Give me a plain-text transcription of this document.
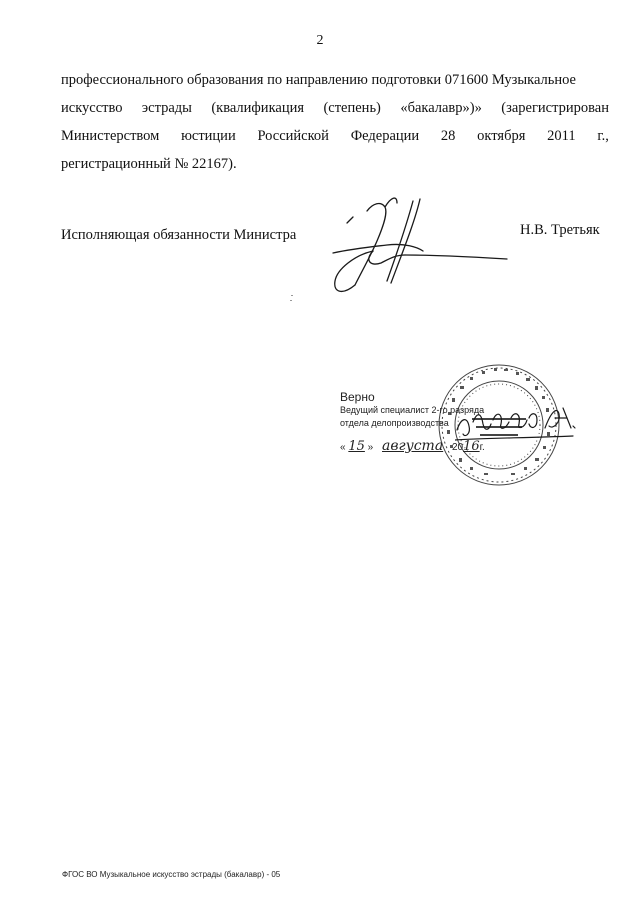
2
профессионального образования по направлению подготовки 071600 Музыкальное
искусство эстрады (квалификация (степень) «бакалавр»)» (зарегистрирован
Министерством юстиции Российской Федерации 28 октября 2011 г.,
регистрационный № 22167).
Исполняющая обязанности Министра	Н.В. Третьяк
Верно
Ведущий специалист 2-го разряда
отдела делопроизводства
« 15 » августа 2016г.
ФГОС ВО Музыкальное искусство эстрады (бакалавр) - 05
